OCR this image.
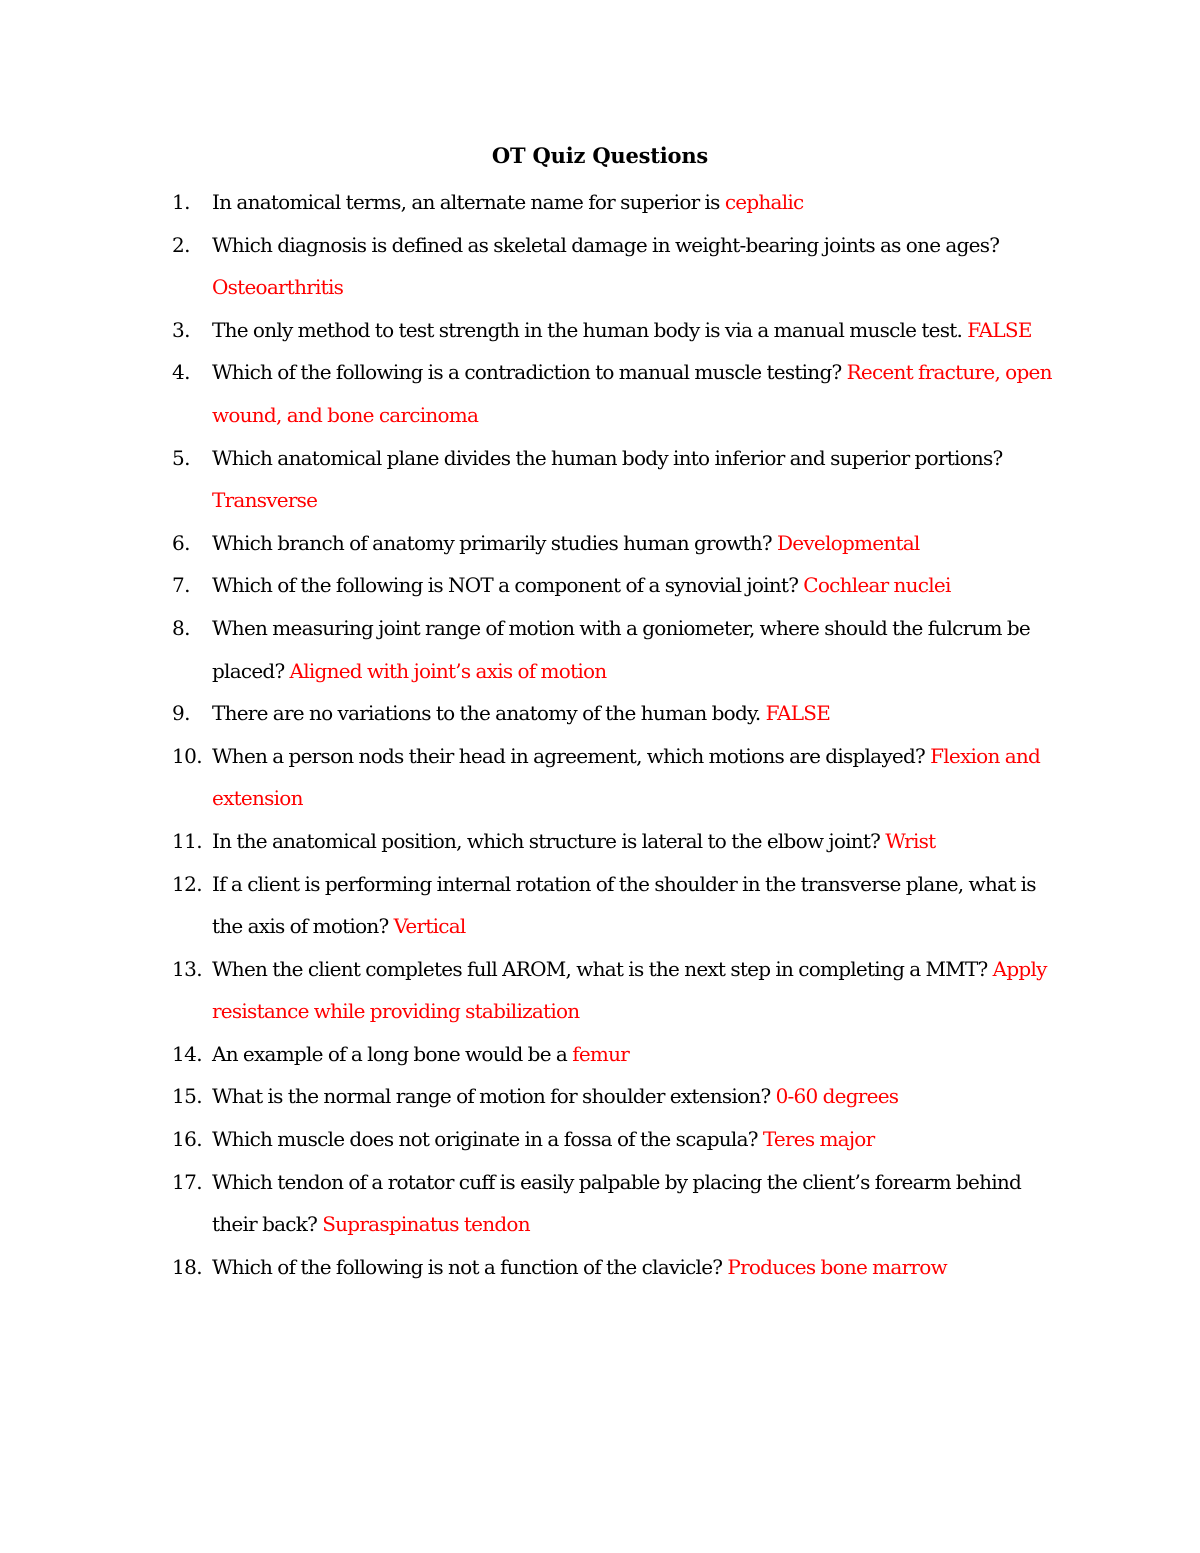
OT Quiz Questions
1.	In anatomical terms, an alternate name for superior is cephalic
2.	Which diagnosis is defined as skeletal damage in weight-bearing joints as one ages? Osteoarthritis
3.	The only method to test strength in the human body is via a manual muscle test. FALSE
4.	Which of the following is a contradiction to manual muscle testing? Recent fracture, open wound, and bone carcinoma
5.	Which anatomical plane divides the human body into inferior and superior portions? Transverse
6.	Which branch of anatomy primarily studies human growth? Developmental
7.	Which of the following is NOT a component of a synovial joint? Cochlear nuclei
8.	When measuring joint range of motion with a goniometer, where should the fulcrum be placed? Aligned with joint’s axis of motion
9.	There are no variations to the anatomy of the human body. FALSE
10. When a person nods their head in agreement, which motions are displayed? Flexion and extension
11. In the anatomical position, which structure is lateral to the elbow joint? Wrist
12. If a client is performing internal rotation of the shoulder in the transverse plane, what is the axis of motion? Vertical
13. When the client completes full AROM, what is the next step in completing a MMT? Apply resistance while providing stabilization
14. An example of a long bone would be a femur
15. What is the normal range of motion for shoulder extension? 0-60 degrees
16. Which muscle does not originate in a fossa of the scapula? Teres major
17. Which tendon of a rotator cuff is easily palpable by placing the client’s forearm behind their back? Supraspinatus tendon
18. Which of the following is not a function of the clavicle? Produces bone marrow
